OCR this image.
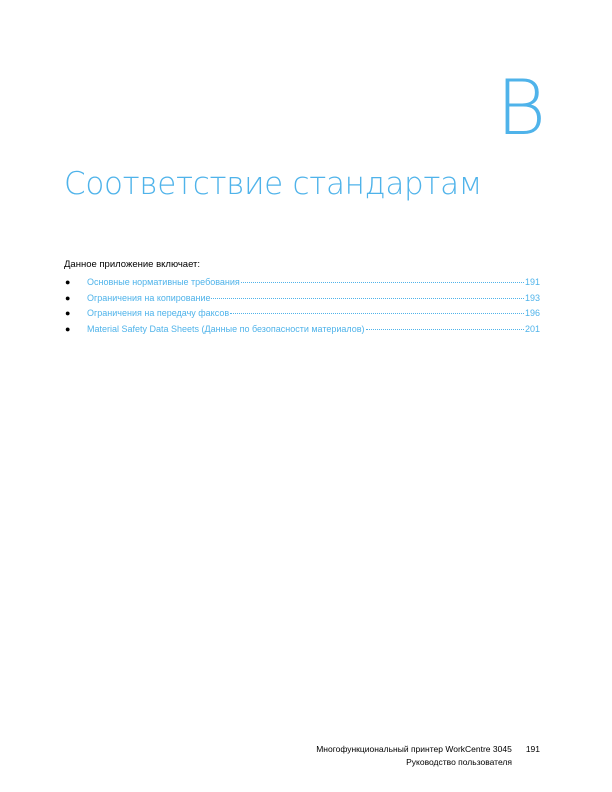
B
Соответствие стандартам
Данное приложение включает:
●	Основные нормативные требования	191
●	Ограничения на копирование	193
●	Ограничения на передачу факсов	196
●	Material Safety Data Sheets (Данные по безопасности материалов)	201
Многофункциональный принтер WorkCentre 3045 191
Руководство пользователя
